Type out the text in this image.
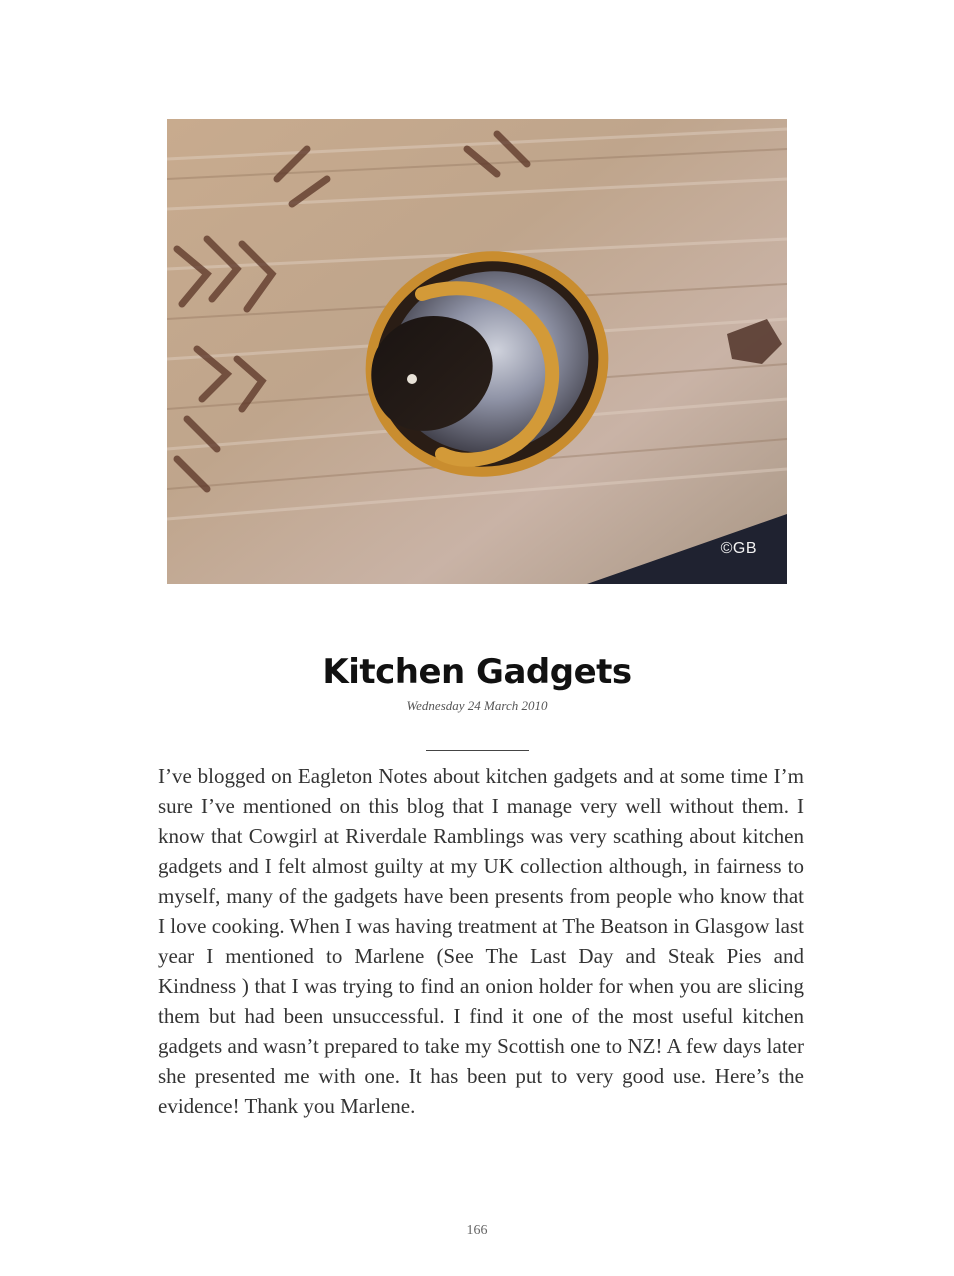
©GB
Kitchen Gadgets
Wednesday 24 March 2010

I’ve blogged on Eagleton Notes about kitchen gadgets and at some time I’m sure I’ve mentioned on this blog that I manage very well without them. I know that Cowgirl at Riverdale Ramblings was very scathing about kitchen gadgets and I felt almost guilty at my UK collection although, in fairness to myself, many of the gadgets have been presents from people who know that I love cooking. When I was having treatment at The Beatson in Glasgow last year I mentioned to Marlene (See The Last Day and Steak Pies and Kindness ) that I was trying to find an onion holder for when you are slicing them but had been unsuccessful. I find it one of the most useful kitchen gadgets and wasn’t prepared to take my Scottish one to NZ! A few days later she presented me with one. It has been put to very good use. Here’s the evidence! Thank you Marlene.

166
